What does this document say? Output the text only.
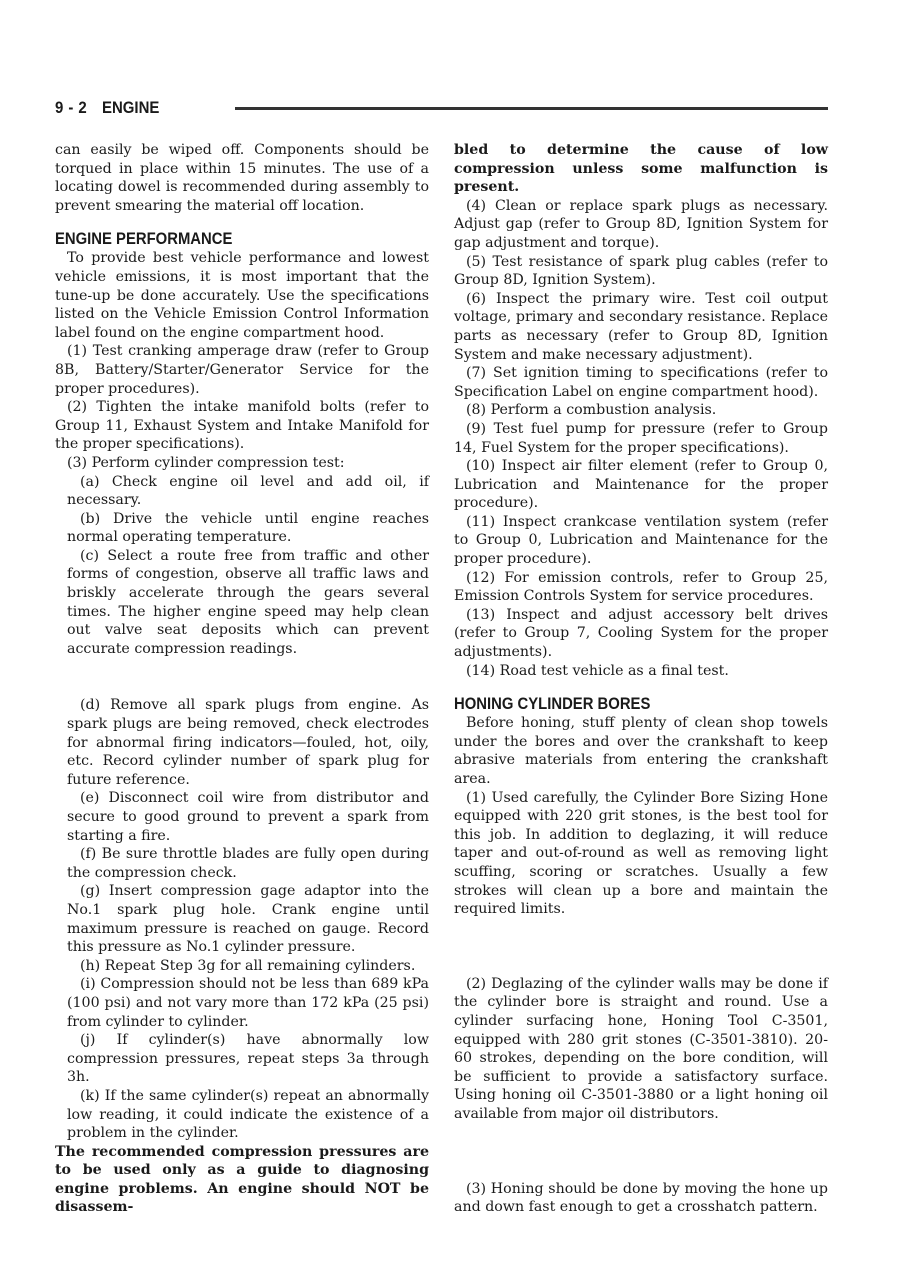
9 - 2 ENGINE

can easily be wiped off. Components should be torqued in place within 15 minutes. The use of a locating dowel is recommended during assembly to prevent smearing the material off location.

ENGINE PERFORMANCE

To provide best vehicle performance and lowest vehicle emissions, it is most important that the tune-up be done accurately. Use the specifications listed on the Vehicle Emission Control Information label found on the engine compartment hood.

(1) Test cranking amperage draw (refer to Group 8B, Battery/Starter/Generator Service for the proper procedures).

(2) Tighten the intake manifold bolts (refer to Group 11, Exhaust System and Intake Manifold for the proper specifications).

(3) Perform cylinder compression test:

(a) Check engine oil level and add oil, if necessary.

(b) Drive the vehicle until engine reaches normal operating temperature.

(c) Select a route free from traffic and other forms of congestion, observe all traffic laws and briskly accelerate through the gears several times. The higher engine speed may help clean out valve seat deposits which can prevent accurate compression readings.

(d) Remove all spark plugs from engine. As spark plugs are being removed, check electrodes for abnormal firing indicators—fouled, hot, oily, etc. Record cylinder number of spark plug for future reference.

(e) Disconnect coil wire from distributor and secure to good ground to prevent a spark from starting a fire.

(f) Be sure throttle blades are fully open during the compression check.

(g) Insert compression gage adaptor into the No.1 spark plug hole. Crank engine until maximum pressure is reached on gauge. Record this pressure as No.1 cylinder pressure.

(h) Repeat Step 3g for all remaining cylinders.

(i) Compression should not be less than 689 kPa (100 psi) and not vary more than 172 kPa (25 psi) from cylinder to cylinder.

(j) If cylinder(s) have abnormally low compression pressures, repeat steps 3a through 3h.

(k) If the same cylinder(s) repeat an abnormally low reading, it could indicate the existence of a problem in the cylinder.

The recommended compression pressures are to be used only as a guide to diagnosing engine problems. An engine should NOT be disassem-

bled to determine the cause of low compression unless some malfunction is present.

(4) Clean or replace spark plugs as necessary. Adjust gap (refer to Group 8D, Ignition System for gap adjustment and torque).

(5) Test resistance of spark plug cables (refer to Group 8D, Ignition System).

(6) Inspect the primary wire. Test coil output voltage, primary and secondary resistance. Replace parts as necessary (refer to Group 8D, Ignition System and make necessary adjustment).

(7) Set ignition timing to specifications (refer to Specification Label on engine compartment hood).

(8) Perform a combustion analysis.

(9) Test fuel pump for pressure (refer to Group 14, Fuel System for the proper specifications).

(10) Inspect air filter element (refer to Group 0, Lubrication and Maintenance for the proper procedure).

(11) Inspect crankcase ventilation system (refer to Group 0, Lubrication and Maintenance for the proper procedure).

(12) For emission controls, refer to Group 25, Emission Controls System for service procedures.

(13) Inspect and adjust accessory belt drives (refer to Group 7, Cooling System for the proper adjustments).

(14) Road test vehicle as a final test.

HONING CYLINDER BORES

Before honing, stuff plenty of clean shop towels under the bores and over the crankshaft to keep abrasive materials from entering the crankshaft area.

(1) Used carefully, the Cylinder Bore Sizing Hone equipped with 220 grit stones, is the best tool for this job. In addition to deglazing, it will reduce taper and out-of-round as well as removing light scuffing, scoring or scratches. Usually a few strokes will clean up a bore and maintain the required limits.

(2) Deglazing of the cylinder walls may be done if the cylinder bore is straight and round. Use a cylinder surfacing hone, Honing Tool C-3501, equipped with 280 grit stones (C-3501-3810). 20-60 strokes, depending on the bore condition, will be sufficient to provide a satisfactory surface. Using honing oil C-3501-3880 or a light honing oil available from major oil distributors.

(3) Honing should be done by moving the hone up and down fast enough to get a crosshatch pattern.
